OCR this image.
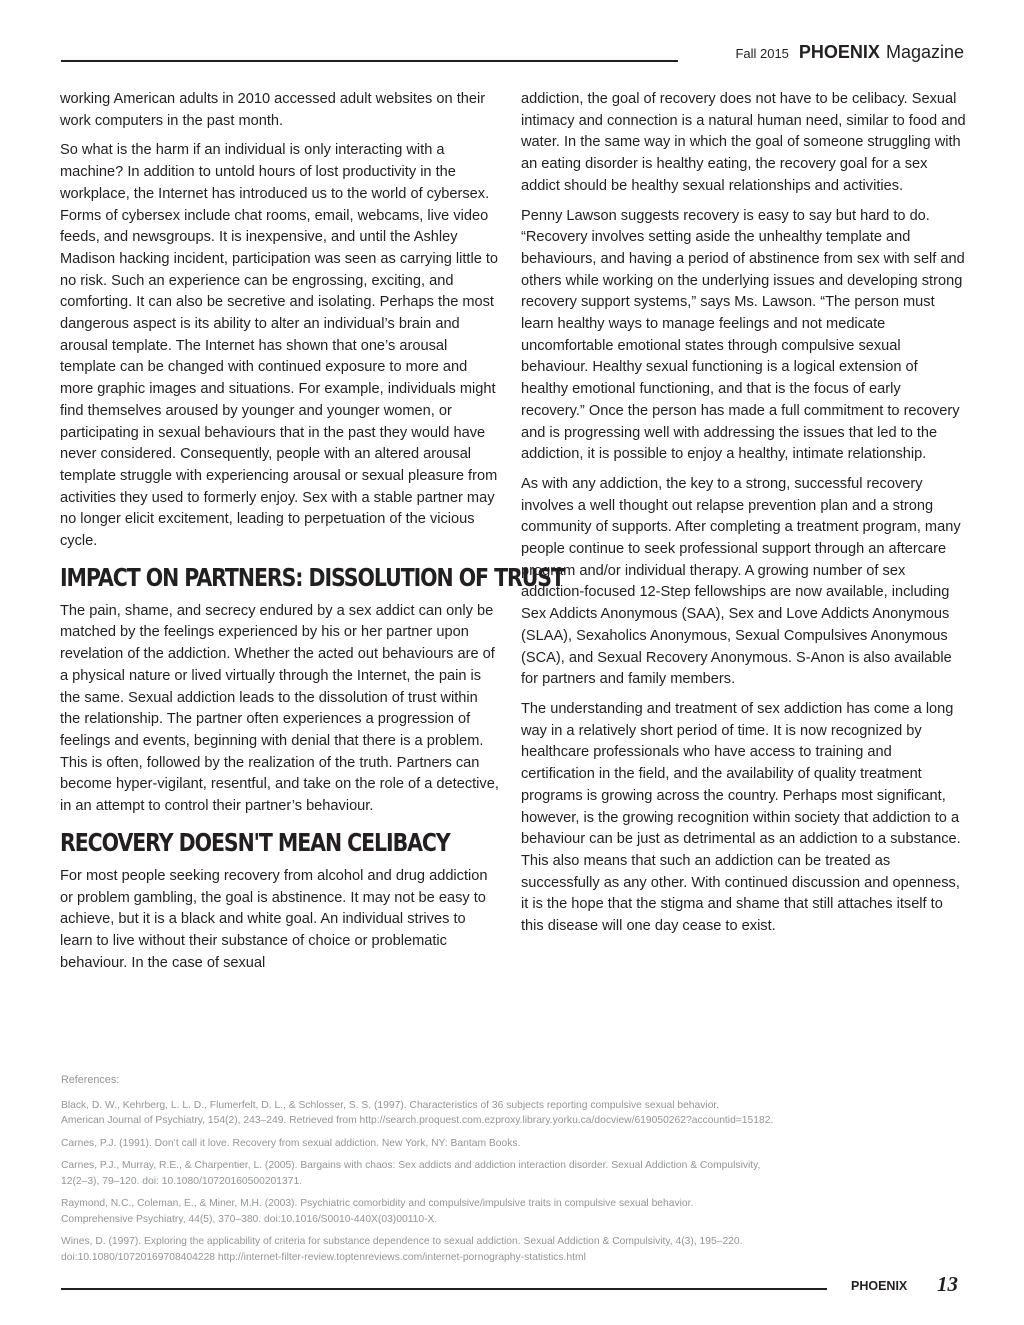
Fall 2015 PHOENIX Magazine

working American adults in 2010 accessed adult websites on their work computers in the past month.

So what is the harm if an individual is only interacting with a machine? In addition to untold hours of lost productivity in the workplace, the Internet has introduced us to the world of cybersex. Forms of cybersex include chat rooms, email, webcams, live video feeds, and newsgroups. It is inexpensive, and until the Ashley Madison hacking incident, participation was seen as carrying little to no risk. Such an experience can be engrossing, exciting, and comforting. It can also be secretive and isolating. Perhaps the most dangerous aspect is its ability to alter an individual’s brain and arousal template. The Internet has shown that one’s arousal template can be changed with continued exposure to more and more graphic images and situations. For example, individuals might find themselves aroused by younger and younger women, or participating in sexual behaviours that in the past they would have never considered. Consequently, people with an altered arousal template struggle with experiencing arousal or sexual pleasure from activities they used to formerly enjoy. Sex with a stable partner may no longer elicit excitement, leading to perpetuation of the vicious cycle.

IMPACT ON PARTNERS: DISSOLUTION OF TRUST

The pain, shame, and secrecy endured by a sex addict can only be matched by the feelings experienced by his or her partner upon revelation of the addiction. Whether the acted out behaviours are of a physical nature or lived virtually through the Internet, the pain is the same. Sexual addiction leads to the dissolution of trust within the relationship. The partner often experiences a progression of feelings and events, beginning with denial that there is a problem. This is often, followed by the realization of the truth. Partners can become hyper-vigilant, resentful, and take on the role of a detective, in an attempt to control their partner’s behaviour.

RECOVERY DOESN'T MEAN CELIBACY

For most people seeking recovery from alcohol and drug addiction or problem gambling, the goal is abstinence. It may not be easy to achieve, but it is a black and white goal. An individual strives to learn to live without their substance of choice or problematic behaviour. In the case of sexual

addiction, the goal of recovery does not have to be celibacy. Sexual intimacy and connection is a natural human need, similar to food and water. In the same way in which the goal of someone struggling with an eating disorder is healthy eating, the recovery goal for a sex addict should be healthy sexual relationships and activities.

Penny Lawson suggests recovery is easy to say but hard to do. “Recovery involves setting aside the unhealthy template and behaviours, and having a period of abstinence from sex with self and others while working on the underlying issues and developing strong recovery support systems,” says Ms. Lawson. “The person must learn healthy ways to manage feelings and not medicate uncomfortable emotional states through compulsive sexual behaviour. Healthy sexual functioning is a logical extension of healthy emotional functioning, and that is the focus of early recovery.” Once the person has made a full commitment to recovery and is progressing well with addressing the issues that led to the addiction, it is possible to enjoy a healthy, intimate relationship.

As with any addiction, the key to a strong, successful recovery involves a well thought out relapse prevention plan and a strong community of supports. After completing a treatment program, many people continue to seek professional support through an aftercare program and/or individual therapy. A growing number of sex addiction-focused 12-Step fellowships are now available, including Sex Addicts Anonymous (SAA), Sex and Love Addicts Anonymous (SLAA), Sexaholics Anonymous, Sexual Compulsives Anonymous (SCA), and Sexual Recovery Anonymous. S-Anon is also available for partners and family members.

The understanding and treatment of sex addiction has come a long way in a relatively short period of time. It is now recognized by healthcare professionals who have access to training and certification in the field, and the availability of quality treatment programs is growing across the country. Perhaps most significant, however, is the growing recognition within society that addiction to a behaviour can be just as detrimental as an addiction to a substance. This also means that such an addiction can be treated as successfully as any other. With continued discussion and openness, it is the hope that the stigma and shame that still attaches itself to this disease will one day cease to exist.

References:

Black, D. W., Kehrberg, L. L. D., Flumerfelt, D. L., & Schlosser, S. S. (1997). Characteristics of 36 subjects reporting compulsive sexual behavior.
American Journal of Psychiatry, 154(2), 243–249. Retrieved from http://search.proquest.com.ezproxy.library.yorku.ca/docview/619050262?accountid=15182.

Carnes, P.J. (1991). Don’t call it love. Recovery from sexual addiction. New York, NY: Bantam Books.

Carnes, P.J., Murray, R.E., & Charpentier, L. (2005). Bargains with chaos: Sex addicts and addiction interaction disorder. Sexual Addiction & Compulsivity,
12(2–3), 79–120. doi: 10.1080/10720160500201371.

Raymond, N.C., Coleman, E., & Miner, M.H. (2003). Psychiatric comorbidity and compulsive/impulsive traits in compulsive sexual behavior.
Comprehensive Psychiatry, 44(5), 370–380. doi:10.1016/S0010-440X(03)00110-X.

Wines, D. (1997). Exploring the applicability of criteria for substance dependence to sexual addiction. Sexual Addiction & Compulsivity, 4(3), 195–220.
doi:10.1080/10720169708404228 http://internet-filter-review.toptenreviews.com/internet-pornography-statistics.html

PHOENIX 13
